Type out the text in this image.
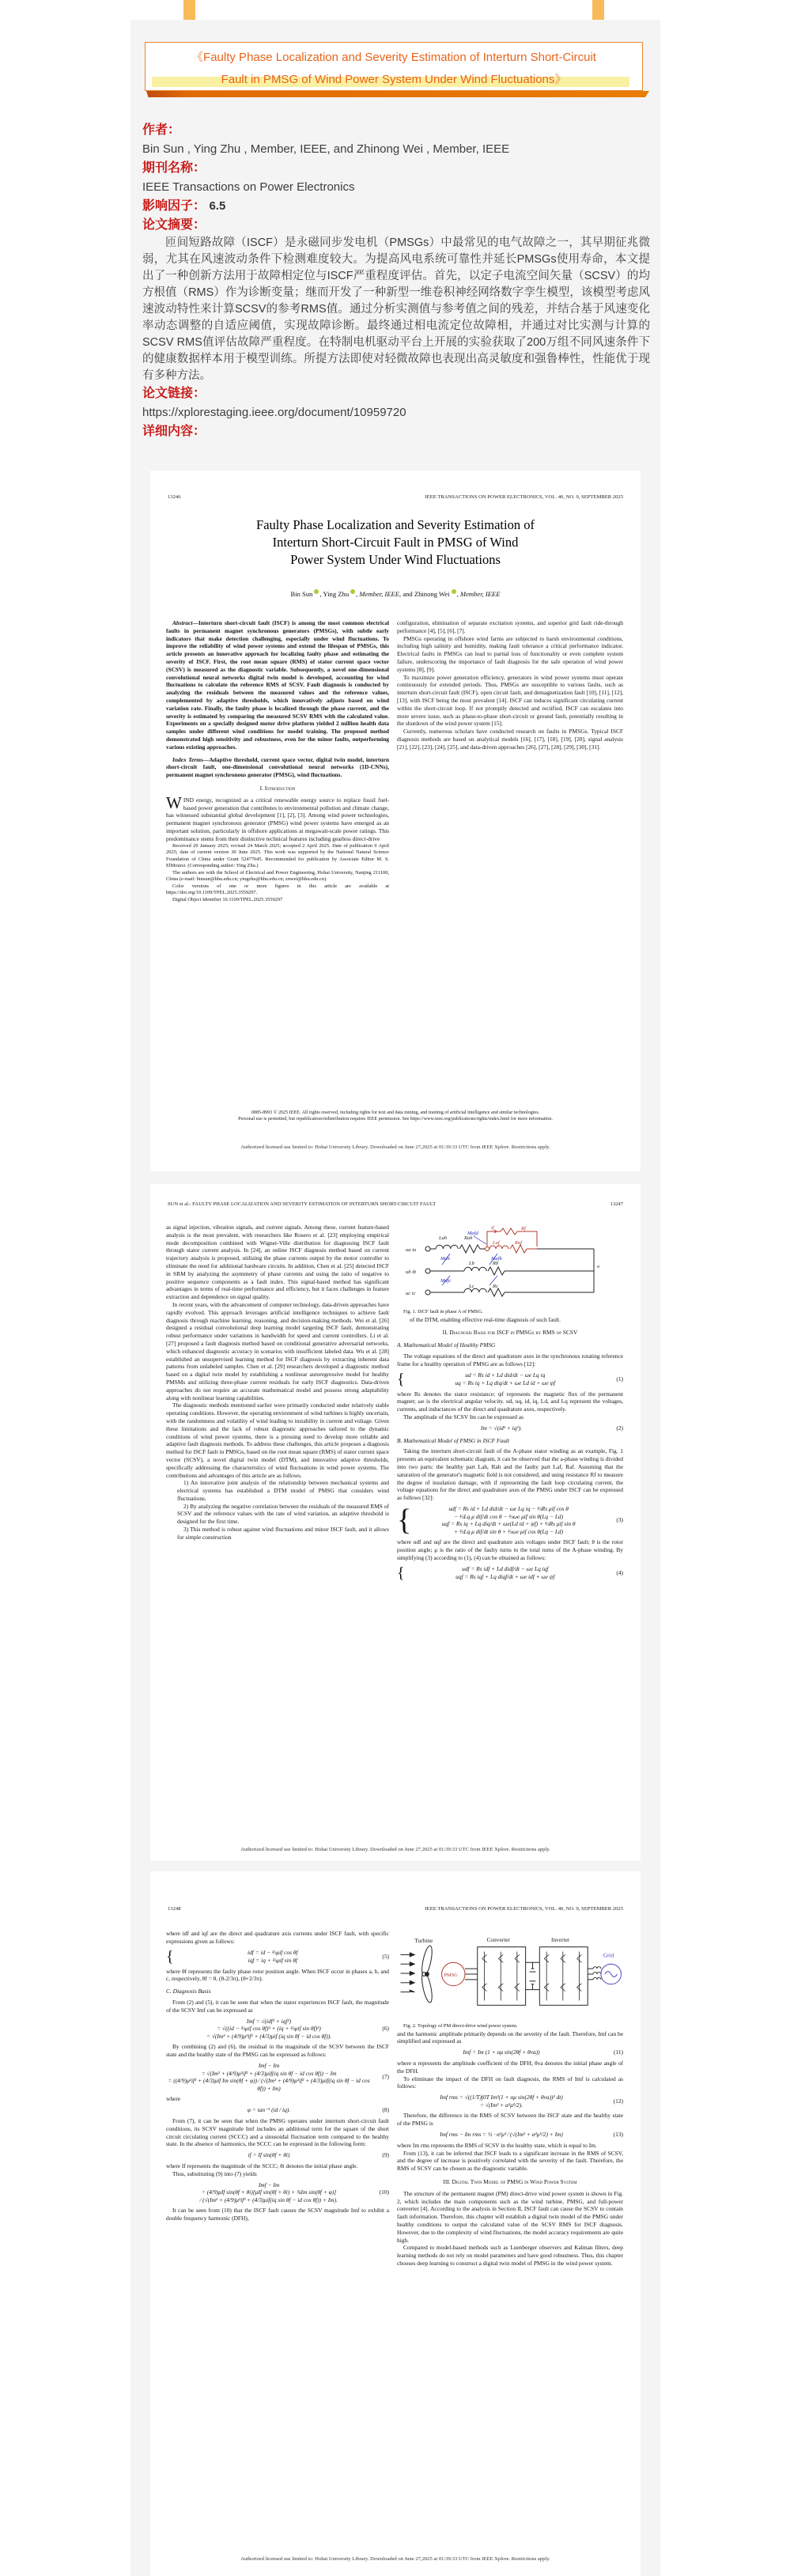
《Faulty Phase Localization and Severity Estimation of Interturn Short-Circuit
Fault in PMSG of Wind Power System Under Wind Fluctuations》
作者：
Bin Sun , Ying Zhu , Member, IEEE, and Zhinong Wei , Member, IEEE
期刊名称：
IEEE Transactions on Power Electronics
影响因子： 6.5
论文摘要：

匝间短路故障（ISCF）是永磁同步发电机（PMSGs）中最常见的电气故障之一，其早期征兆微弱，尤其在风速波动条件下检测难度较大。为提高风电系统可靠性并延长PMSGs使用寿命，本文提出了一种创新方法用于故障相定位与ISCF严重程度评估。首先，以定子电流空间矢量（SCSV）的均方根值（RMS）作为诊断变量；继而开发了一种新型一维卷积神经网络数字孪生模型，该模型考虑风速波动特性来计算SCSV的参考RMS值。通过分析实测值与参考值之间的残差，并结合基于风速变化率动态调整的自适应阈值，实现故障诊断。最终通过相电流定位故障相，并通过对比实测与计算的SCSV RMS值评估故障严重程度。在特制电机驱动平台上开展的实验获取了200万组不同风速条件下的健康数据样本用于模型训练。所提方法即使对轻微故障也表现出高灵敏度和强鲁棒性，性能优于现有多种方法。

论文链接：
https://xplorestaging.ieee.org/document/10959720
详细内容：
13246	IEEE TRANSACTIONS ON POWER ELECTRONICS, VOL. 40, NO. 9, SEPTEMBER 2025
Faulty Phase Localization and Severity Estimation of
Interturn Short-Circuit Fault in PMSG of Wind
Power System Under Wind Fluctuations
Bin Sun , Ying Zhu , Member, IEEE, and Zhinong Wei , Member, IEEE

Abstract—Interturn short-circuit fault (ISCF) is among the most common electrical faults in permanent magnet synchronous generators (PMSGs), with subtle early indicators that make detection challenging, especially under wind fluctuations. To improve the reliability of wind power systems and extend the lifespan of PMSGs, this article presents an innovative approach for localizing faulty phase and estimating the severity of ISCF. First, the root mean square (RMS) of stator current space vector (SCSV) is measured as the diagnostic variable. Subsequently, a novel one-dimensional convolutional neural networks digital twin model is developed, accounting for wind fluctuations to calculate the reference RMS of SCSV. Fault diagnosis is conducted by analyzing the residuals between the measured values and the reference values, complemented by adaptive thresholds, which innovatively adjusts based on wind variation rate. Finally, the faulty phase is localized through the phase current, and the severity is estimated by comparing the measured SCSV RMS with the calculated value. Experiments on a specially designed motor drive platform yielded 2 million health data samples under different wind conditions for model training. The proposed method demonstrated high sensitivity and robustness, even for the minor faults, outperforming various existing approaches.

Index Terms—Adaptive threshold, current space vector, digital twin model, interturn short-circuit fault, one-dimensional convolutional neural networks (1D-CNNs), permanent magnet synchronous generator (PMSG), wind fluctuations.

I. Introduction

WIND energy, recognized as a critical renewable energy source to replace fossil fuel-based power generation that contributes to environmental pollution and climate change, has witnessed substantial global development [1], [2], [3]. Among wind power technologies, permanent magnet synchronous generator (PMSG) wind power systems have emerged as an important solution, particularly in offshore applications at megawatt-scale power ratings. This predominance stems from their distinctive technical features including gearless direct-drive

Received 20 January 2025; revised 24 March 2025; accepted 2 April 2025. Date of publication 9 April 2025; date of current version 30 June 2025. This work was supported by the National Natural Science Foundation of China under Grant 52477045. Recommended for publication by Associate Editor M. S. ElMoursi. (Corresponding author: Ying Zhu.)

The authors are with the School of Electrical and Power Engineering, Hohai University, Nanjing 211100, China (e-mail: binsun@hhu.edu.cn; yingzhu@hhu.edu.cn; znwei@hhu.edu.cn).

Color versions of one or more figures in this article are available at https://doi.org/10.1109/TPEL.2025.3559297.

Digital Object Identifier 10.1109/TPEL.2025.3559297

configuration, elimination of separate excitation systems, and superior grid fault ride-through performance [4], [5], [6], [7].

PMSGs operating in offshore wind farms are subjected to harsh environmental conditions, including high salinity and humidity, making fault tolerance a critical performance indicator. Electrical faults in PMSGs can lead to partial loss of functionality or even complete system failure, underscoring the importance of fault diagnosis for the safe operation of wind power systems [8], [9].

To maximize power generation efficiency, generators in wind power systems must operate continuously for extended periods. Thus, PMSGs are susceptible to various faults, such as interturn short-circuit fault (ISCF), open circuit fault, and demagnetization fault [10], [11], [12], [13], with ISCF being the most prevalent [14]. ISCF can induces significant circulating current within the short-circuit loop. If not promptly detected and rectified, ISCF can escalates into more severe issue, such as phase-to-phase short-circuit or ground fault, potentially resulting in the shutdown of the wind power system [15].

Currently, numerous scholars have conducted research on faults in PMSGs. Typical ISCF diagnosis methods are based on analytical models [16], [17], [18], [19], [20], signal analysis [21], [22], [23], [24], [25], and data-driven approaches [26], [27], [28], [29], [30], [31].

0885-8993 © 2025 IEEE. All rights reserved, including rights for text and data mining, and training of artificial intelligence and similar technologies.
Personal use is permitted, but republication/redistribution requires IEEE permission. See https://www.ieee.org/publications/rights/index.html for more information.
Authorized licensed use limited to: Hohai University Library. Downloaded on June 27,2025 at 01:39:33 UTC from IEEE Xplore. Restrictions apply.
SUN et al.: FAULTY PHASE LOCALIZATION AND SEVERITY ESTIMATION OF INTERTURN SHORT-CIRCUIT FAULT	13247

as signal injection, vibration signals, and current signals. Among these, current feature-based analysis is the most prevalent, with researchers like Rosero et al. [23] employing empirical mode decomposition combined with Wigner-Ville distribution for diagnosing ISCF fault through stator current analysis. In [24], an online ISCF diagnosis method based on current trajectory analysis is proposed, utilizing the phase currents output by the motor controller to eliminate the need for additional hardware circuits. In addition, Chen et al. [25] detected ISCF in SRM by analyzing the asymmetry of phase currents and using the ratio of negative to positive sequence components as a fault index. This signal-based method has significant advantages in terms of real-time performance and efficiency, but it faces challenges in feature extraction and dependence on signal quality.

In recent years, with the advancement of computer technology, data-driven approaches have rapidly evolved. This approach leverages artificial intelligence techniques to achieve fault diagnosis through machine learning, reasoning, and decision-making methods. Wei et al. [26] designed a residual convolutional deep learning model targeting ISCF fault, demonstrating robust performance under variations in bandwidth for speed and current controllers. Li et al. [27] proposed a fault diagnosis method based on conditional generative adversarial networks, which enhanced diagnostic accuracy in scenarios with insufficient labeled data. Wu et al. [28] established an unsupervised learning method for ISCF diagnosis by extracting inherent data patterns from unlabeled samples. Chen et al. [29] researchers developed a diagnostic method based on a digital twin model by establishing a nonlinear autoregressive model for healthy PMSMs and utilizing three-phase current residuals for early ISCF diagnostics. Data-driven approaches do not require an accurate mathematical model and possess strong adaptability along with nonlinear learning capabilities.

The diagnostic methods mentioned earlier were primarily conducted under relatively stable operating conditions. However, the operating environment of wind turbines is highly uncertain, with the randomness and volatility of wind leading to instability in current and voltage. Given these limitations and the lack of robust diagnostic approaches tailored to the dynamic conditions of wind power systems, there is a pressing need to develop more reliable and adaptive fault diagnosis methods. To address these challenges, this article proposes a diagnosis method for ISCF fault in PMSGs, based on the root mean square (RMS) of stator current space vector (SCSV), a novel digital twin model (DTM), and innovative adaptive thresholds, specifically addressing the characteristics of wind fluctuations in wind power systems. The contributions and advantages of this article are as follows.

1) An innovative joint analysis of the relationship between mechanical systems and electrical systems has established a DTM model of PMSG that considers wind fluctuations.

2) By analyzing the negative correlation between the residuals of the measured RMS of SCSV and the reference values with the rate of wind variation, an adaptive threshold is designed for the first time.

3) This method is robust against wind fluctuations and minor ISCF fault, and it allows for simple construction

ua ia
ub ib
uc ic
Lah	Rah
Lb	Rb
Lc	Rc
o
Laf	Raf
Rf
if
Mafd
Mab	Mafb
Mafc

Fig. 1. ISCF fault in phase A of PMSG.

of the DTM, enabling effective real-time diagnosis of such fault.

II. Diagnosis Basis for ISCF in PMSGs by RMS of SCSV
A. Mathematical Model of Healthy PMSG

The voltage equations of the direct and quadrature axes in the synchronous rotating reference frame for a healthy operation of PMSG are as follows [12]:

{	ud = Rs id + Ld did/dt − ωe Lq iq
uq = Rs iq + Lq diq/dt + ωe Ld id + ωe ψf
(1)

where Rs denotes the stator resistance; ψf represents the magnetic flux of the permanent magnet; ωe is the electrical angular velocity. ud, uq, id, iq, Ld, and Lq represent the voltages, currents, and inductances of the direct and quadrature axes, respectively.

The amplitude of the SCSV Im can be expressed as

Im = √(id² + iq²).	(2)
B. Mathematical Model of PMSG in ISCF Fault

Taking the interturn short-circuit fault of the A-phase stator winding as an example, Fig. 1 presents an equivalent schematic diagram, it can be observed that the a-phase winding is divided into two parts: the healthy part Lah, Rah and the faulty part Laf, Raf. Assuming that the saturation of the generator's magnetic field is not considered, and using resistance Rf to measure the degree of insulation damage, with if representing the fault loop circulating current, the voltage equations for the direct and quadrature axes of the PMSG under ISCF can be expressed as follows [32]:

{	udf = Rs id + Ld did/dt − ωe Lq iq − ⅔Rs μif cos θ
− ⅔Lq μ dif/dt cos θ − ⅔ωe μif sin θ(Lq − Ld)
uqf = Rs iq + Lq diq/dt + ωe(Ld id + ψf) + ⅔Rs μif sin θ
+ ⅔Lq μ dif/dt sin θ + ⅔ωe μif cos θ(Lq − Ld)
(3)

where udf and uqf are the direct and quadrature axis voltages under ISCF fault; θ is the rotor position angle; μ is the ratio of the faulty turns to the total turns of the A-phase winding. By simplifying (3) according to (1), (4) can be obtained as follows:

{	udf = Rs idf + Ld didf/dt − ωe Lq iqf
uqf = Rs iqf + Lq diqf/dt + ωe idf + ωe ψf
(4)
Authorized licensed use limited to: Hohai University Library. Downloaded on June 27,2025 at 01:39:33 UTC from IEEE Xplore. Restrictions apply.
13248	IEEE TRANSACTIONS ON POWER ELECTRONICS, VOL. 40, NO. 9, SEPTEMBER 2025

where idf and iqf are the direct and quadrature axis currents under ISCF fault, with specific expressions given as follows:

{	idf = id − ⅔μif cos θf
iqf = iq + ⅔μif sin θf
(5)

where θf represents the faulty phase rotor position angle. When ISCF occur in phases a, b, and c, respectively, θf = θ, (θ-2/3π), (θ+2/3π).

C. Diagnosis Basis

From (2) and (5), it can be seen that when the stator experiences ISCF fault, the magnitude of the SCSV Imf can be expressed as

Imf = √(idf² + iqf²)
= √((id − ⅔μif cos θf)² + (iq + ⅔μif sin θf)²)
= √(Im² + (4/9)μ²if² + (4/3)μif (iq sin θf − id cos θf)).
(6)

By combining (2) and (6), the residual in the magnitude of the SCSV between the ISCF state and the healthy state of the PMSG can be expressed as follows:

Imf − Im
= √(Im² + (4/9)μ²if² + (4/3)μif(iq sin θf − id cos θf)) − Im
= ((4/9)μ²if² + (4/3)μif Im sin(θf + φ)) ⁄ (√(Im² + (4/9)μ²if² + (4/3)μif(iq sin θf − id cos θf)) + Im)
(7)

where

φ = tan⁻¹ (id / iq).	(8)

From (7), it can be seen that when the PMSG operates under interturn short-circuit fault conditions, its SCSV magnitude Imf includes an additional term for the square of the short circuit circulating current (SCCC) and a sinusoidal fluctuation term compared to the healthy state. In the absence of harmonics, the SCCC can be expressed in the following form:

if = If sin(θf + θi)	(9)

where If represents the magnitude of the SCCC; θi denotes the initial phase angle.

Thus, substituting (9) into (7) yields

Imf − Im
= (4/9)μIf sin(θf + θi)[μIf sin(θf + θi) + ¾Im sin(θf + φ)]
⁄ (√(Im² + (4/9)μ²if² + (4/3)μif(iq sin θf − id cos θf)) + Im).
(10)

It can be seen from (10) that the ISCF fault causes the SCSV magnitude Imf to exhibit a double frequency harmonic (DFH),

Turbine	Converter	Inverter
PMSG
Grid

Fig. 2. Topology of PM direct-drive wind power system.

and the harmonic amplitude primarily depends on the severity of the fault. Therefore, Imf can be simplified and expressed as

Imf = Im (1 + αμ sin(2θf + θva))	(11)

where α represents the amplitude coefficient of the DFH; θva denotes the initial phase angle of the DFH.

To eliminate the impact of the DFH on fault diagnosis, the RMS of Imf is calculated as follows:

Imf rms = √((1/T)∫0T Im²(1 + αμ sin(2θf + θva))² dt)
= √(Im² + α²μ²/2).
(12)

Therefore, the difference in the RMS of SCSV between the ISCF state and the healthy state of the PMSG is

Imf rms − Im rms = ½ · α²μ² ⁄ (√(Im² + α²μ²/2) + Im)	(13)

where Im rms represents the RMS of SCSV in the healthy state, which is equal to Im.

From (13), it can be inferred that ISCF leads to a significant increase in the RMS of SCSV, and the degree of increase is positively correlated with the severity of the fault. Therefore, the RMS of SCSV can be chosen as the diagnostic variable.

III. Digital Twin Model of PMSG in Wind Power System

The structure of the permanent magnet (PM) direct-drive wind power system is shown in Fig. 2, which includes the main components such as the wind turbine, PMSG, and full-power converter [4]. According to the analysis in Section II, ISCF fault can cause the SCSV to contain fault information. Therefore, this chapter will establish a digital twin model of the PMSG under healthy conditions to output the calculated value of the SCSV RMS for ISCF diagnosis. However, due to the complexity of wind fluctuations, the model accuracy requirements are quite high.

Compared to model-based methods such as Luenberger observers and Kalman filters, deep learning methods do not rely on model parameters and have good robustness. Thus, this chapter chooses deep learning to construct a digital twin model of PMSG in the wind power system.

Authorized licensed use limited to: Hohai University Library. Downloaded on June 27,2025 at 01:39:33 UTC from IEEE Xplore. Restrictions apply.
